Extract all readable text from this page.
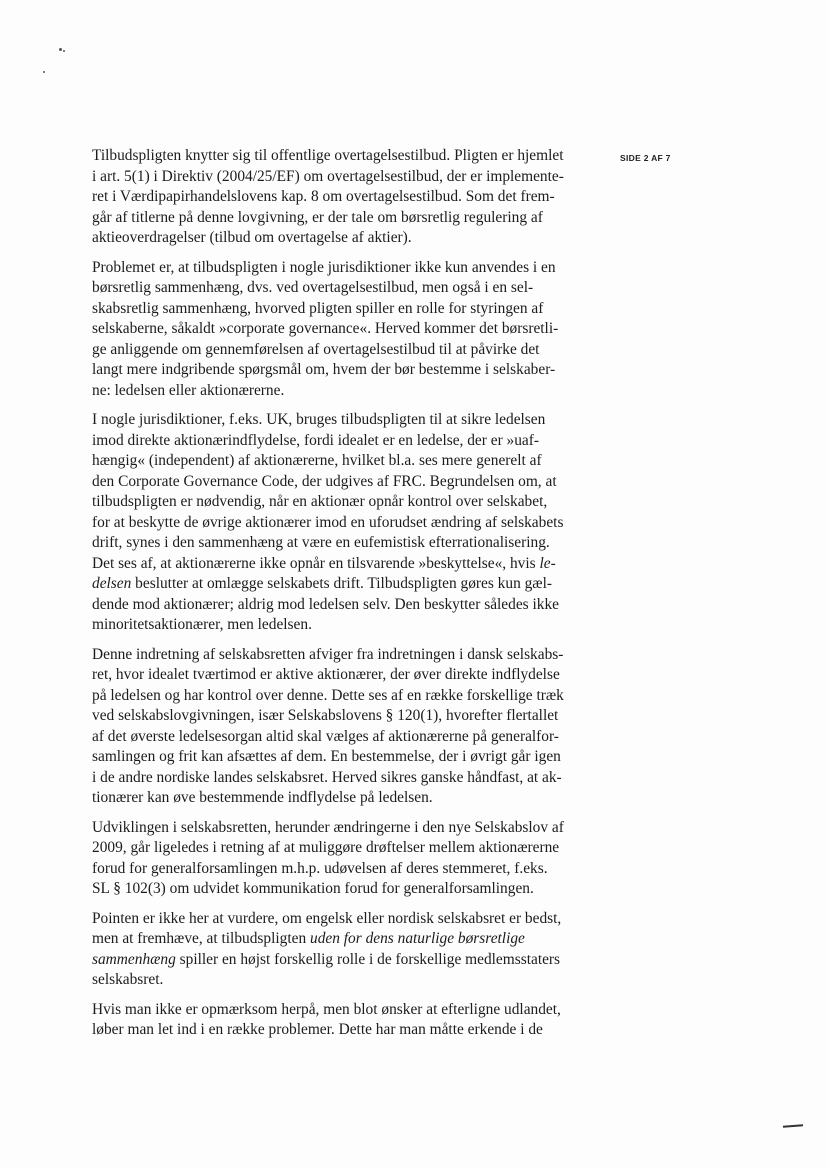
SIDE 2 AF 7

Tilbudspligten knytter sig til offentlige overtagelsestilbud. Pligten er hjemlet
i art. 5(1) i Direktiv (2004/25/EF) om overtagelsestilbud, der er implemente-
ret i Værdipapirhandelslovens kap. 8 om overtagelsestilbud. Som det frem-
går af titlerne på denne lovgivning, er der tale om børsretlig regulering af
aktieoverdragelser (tilbud om overtagelse af aktier).

Problemet er, at tilbudspligten i nogle jurisdiktioner ikke kun anvendes i en
børsretlig sammenhæng, dvs. ved overtagelsestilbud, men også i en sel-
skabsretlig sammenhæng, hvorved pligten spiller en rolle for styringen af
selskaberne, såkaldt »corporate governance«. Herved kommer det børsretli-
ge anliggende om gennemførelsen af overtagelsestilbud til at påvirke det
langt mere indgribende spørgsmål om, hvem der bør bestemme i selskaber-
ne: ledelsen eller aktionærerne.

I nogle jurisdiktioner, f.eks. UK, bruges tilbudspligten til at sikre ledelsen
imod direkte aktionærindflydelse, fordi idealet er en ledelse, der er »uaf-
hængig« (independent) af aktionærerne, hvilket bl.a. ses mere generelt af
den Corporate Governance Code, der udgives af FRC. Begrundelsen om, at
tilbudspligten er nødvendig, når en aktionær opnår kontrol over selskabet,
for at beskytte de øvrige aktionærer imod en uforudset ændring af selskabets
drift, synes i den sammenhæng at være en eufemistisk efterrationalisering.
Det ses af, at aktionærerne ikke opnår en tilsvarende »beskyttelse«, hvis le-
delsen beslutter at omlægge selskabets drift. Tilbudspligten gøres kun gæl-
dende mod aktionærer; aldrig mod ledelsen selv. Den beskytter således ikke
minoritetsaktionærer, men ledelsen.

Denne indretning af selskabsretten afviger fra indretningen i dansk selskabs-
ret, hvor idealet tværtimod er aktive aktionærer, der øver direkte indflydelse
på ledelsen og har kontrol over denne. Dette ses af en række forskellige træk
ved selskabslovgivningen, især Selskabslovens § 120(1), hvorefter flertallet
af det øverste ledelsesorgan altid skal vælges af aktionærerne på generalfor-
samlingen og frit kan afsættes af dem. En bestemmelse, der i øvrigt går igen
i de andre nordiske landes selskabsret. Herved sikres ganske håndfast, at ak-
tionærer kan øve bestemmende indflydelse på ledelsen.

Udviklingen i selskabsretten, herunder ændringerne i den nye Selskabslov af
2009, går ligeledes i retning af at muliggøre drøftelser mellem aktionærerne
forud for generalforsamlingen m.h.p. udøvelsen af deres stemmeret, f.eks.
SL § 102(3) om udvidet kommunikation forud for generalforsamlingen.

Pointen er ikke her at vurdere, om engelsk eller nordisk selskabsret er bedst,
men at fremhæve, at tilbudspligten uden for dens naturlige børsretlige
sammenhæng spiller en højst forskellig rolle i de forskellige medlemsstaters
selskabsret.

Hvis man ikke er opmærksom herpå, men blot ønsker at efterligne udlandet,
løber man let ind i en række problemer. Dette har man måtte erkende i de
